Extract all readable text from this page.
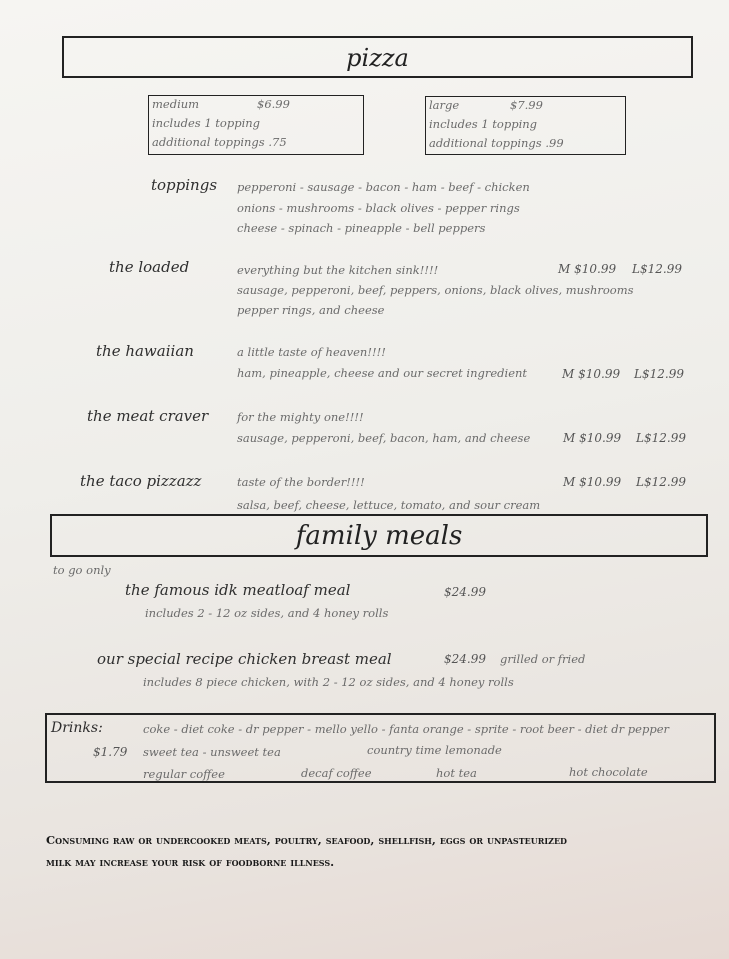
pizza
medium	$6.99
includes 1 topping
additional toppings .75
large	$7.99
includes 1 topping
additional toppings .99
toppings pepperoni - sausage - bacon - ham - beef - chicken
onions - mushrooms - black olives - pepper rings
cheese - spinach - pineapple - bell peppers
the loaded	everything but the kitchen sink!!!!	M $10.99 L$12.99
sausage, pepperoni, beef, peppers, onions, black olives, mushrooms
pepper rings, and cheese
the hawaiian	a little taste of heaven!!!!
ham, pineapple, cheese and our secret ingredient	M $10.99 L$12.99
the meat craver	for the mighty one!!!!
sausage, pepperoni, beef, bacon, ham, and cheese	M $10.99 L$12.99
the taco pizzazz	taste of the border!!!!	M $10.99 L$12.99
salsa, beef, cheese, lettuce, tomato, and sour cream
family meals
to go only
the famous idk meatloaf meal	$24.99
includes 2 - 12 oz sides, and 4 honey rolls
our special recipe chicken breast meal	$24.99 grilled or fried
includes 8 piece chicken, with 2 - 12 oz sides, and 4 honey rolls
Drinks:	coke - diet coke - dr pepper - mello yello - fanta orange - sprite - root beer - diet dr pepper
$1.79 sweet tea - unsweet tea	country time lemonade
regular coffee	decaf coffee	hot tea	hot chocolate
Consuming raw or undercooked meats, poultry, seafood, shellfish, eggs or unpasteurized
milk may increase your risk of foodborne illness.
